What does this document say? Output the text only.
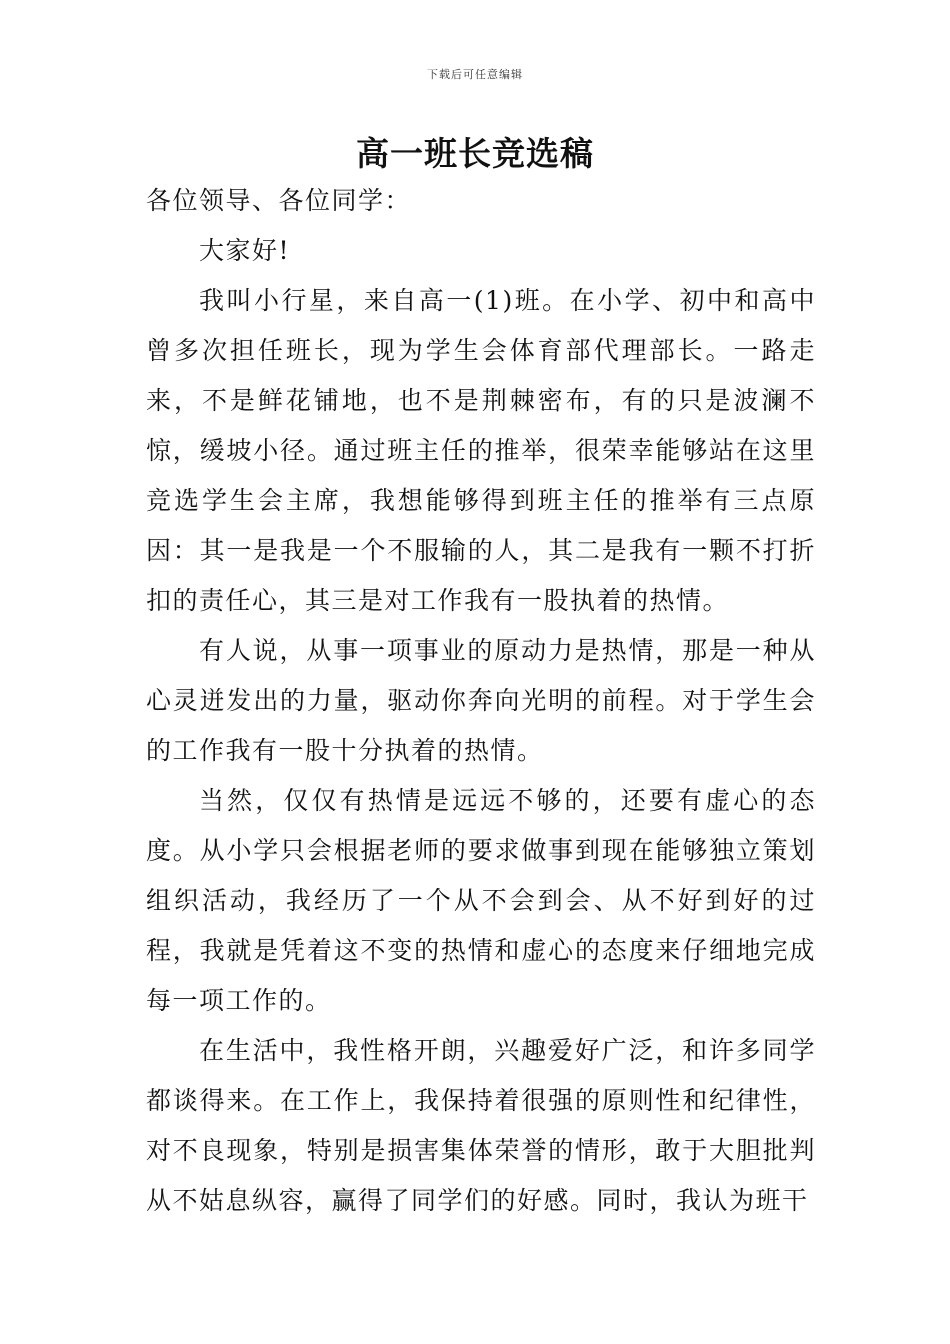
下载后可任意编辑
高一班长竞选稿

各位领导、各位同学：

大家好!

我叫小行星，来自高一(1)班。在小学、初中和高中曾多次担任班长，现为学生会体育部代理部长。一路走来，不是鲜花铺地，也不是荆棘密布，有的只是波澜不惊，缓坡小径。通过班主任的推举，很荣幸能够站在这里竞选学生会主席，我想能够得到班主任的推举有三点原因：其一是我是一个不服输的人，其二是我有一颗不打折扣的责任心，其三是对工作我有一股执着的热情。

有人说，从事一项事业的原动力是热情，那是一种从心灵迸发出的力量，驱动你奔向光明的前程。对于学生会的工作我有一股十分执着的热情。

当然，仅仅有热情是远远不够的，还要有虚心的态度。从小学只会根据老师的要求做事到现在能够独立策划组织活动，我经历了一个从不会到会、从不好到好的过程，我就是凭着这不变的热情和虚心的态度来仔细地完成每一项工作的。

在生活中，我性格开朗，兴趣爱好广泛，和许多同学都谈得来。在工作上，我保持着很强的原则性和纪律性，对不良现象，特别是损害集体荣誉的情形，敢于大胆批判从不姑息纵容，赢得了同学们的好感。同时，我认为班干
